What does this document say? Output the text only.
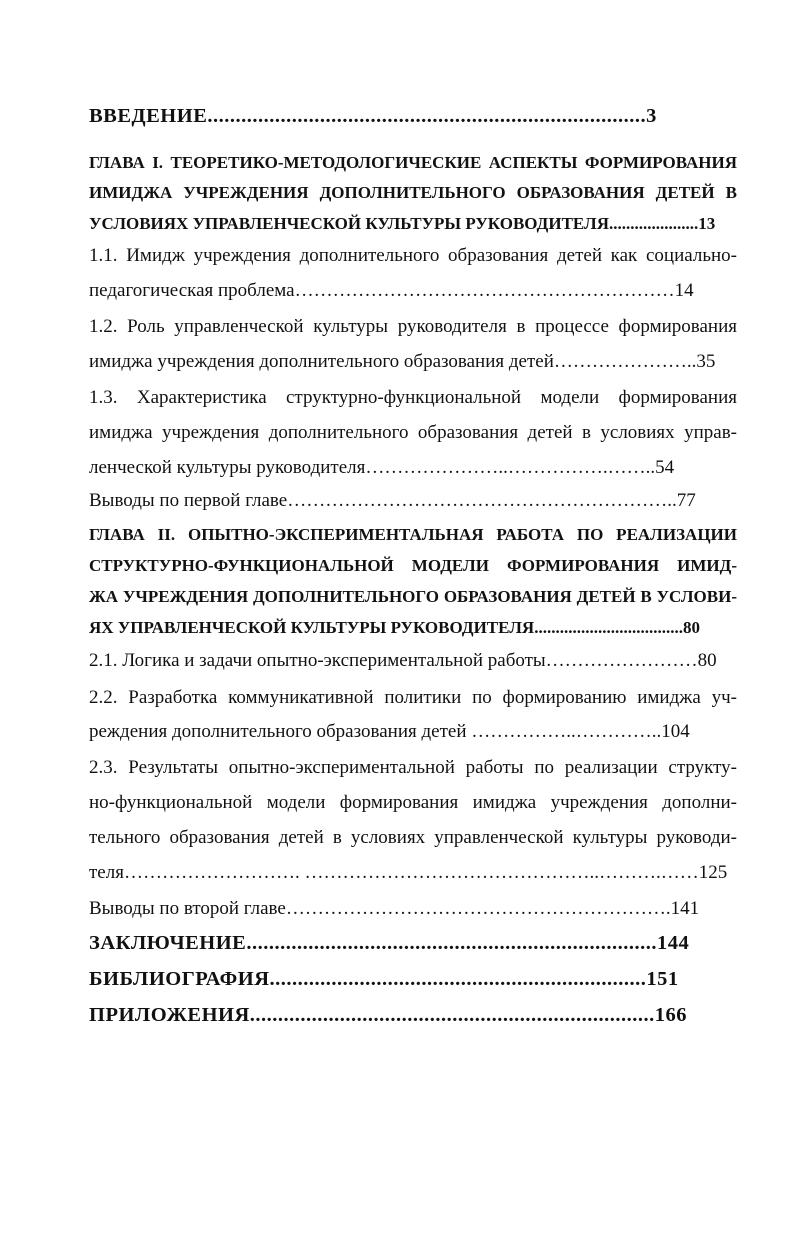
ВВЕДЕНИЕ..............................................................................3
ГЛАВА I. ТЕОРЕТИКО-МЕТОДОЛОГИЧЕСКИЕ АСПЕКТЫ ФОРМИРОВАНИЯ
ИМИДЖА УЧРЕЖДЕНИЯ ДОПОЛНИТЕЛЬНОГО ОБРАЗОВАНИЯ ДЕТЕЙ В
УСЛОВИЯХ УПРАВЛЕНЧЕСКОЙ КУЛЬТУРЫ РУКОВОДИТЕЛЯ.....................13
1.1. Имидж учреждения дополнительного образования детей как социально-
педагогическая проблема……………………………………………………14
1.2. Роль управленческой культуры руководителя в процессе формирования
имиджа учреждения дополнительного образования детей…………………..35
1.3. Характеристика структурно-функциональной модели формирования
имиджа учреждения дополнительного образования детей в условиях управ-
ленческой культуры руководителя…………………..…………….……..54
Выводы по первой главе……………………………………………………..77
ГЛАВА II. ОПЫТНО-ЭКСПЕРИМЕНТАЛЬНАЯ РАБОТА ПО РЕАЛИЗАЦИИ
СТРУКТУРНО-ФУНКЦИОНАЛЬНОЙ МОДЕЛИ ФОРМИРОВАНИЯ ИМИД-
ЖА УЧРЕЖДЕНИЯ ДОПОЛНИТЕЛЬНОГО ОБРАЗОВАНИЯ ДЕТЕЙ В УСЛОВИ-
ЯХ УПРАВЛЕНЧЕСКОЙ КУЛЬТУРЫ РУКОВОДИТЕЛЯ...................................80
2.1. Логика и задачи опытно-экспериментальной работы……………………80
2.2. Разработка коммуникативной политики по формированию имиджа уч-
реждения дополнительного образования детей ……………..…………..104
2.3. Результаты опытно-экспериментальной работы по реализации структу-
но-функциональной модели формирования имиджа учреждения дополни-
тельного образования детей в условиях управленческой культуры руководи-
теля………………………. ………………………………………..……….……125
Выводы по второй главе…………………………………………………….141
ЗАКЛЮЧЕНИЕ.........................................................................144
БИБЛИОГРАФИЯ...................................................................151
ПРИЛОЖЕНИЯ........................................................................166
